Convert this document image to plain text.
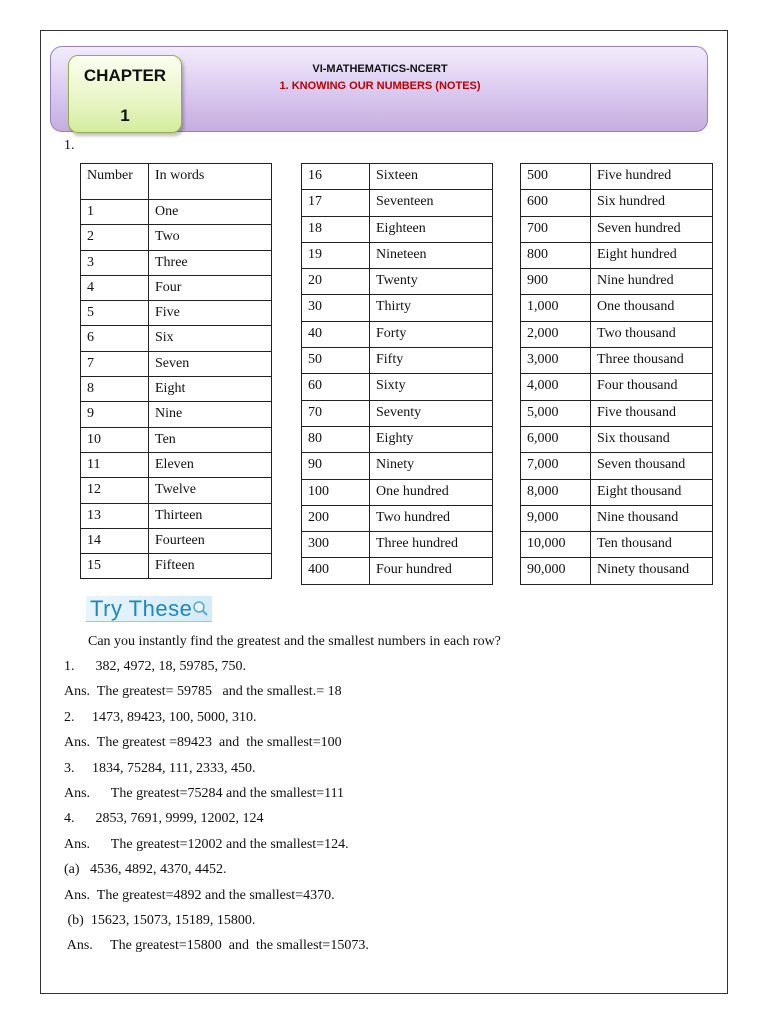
CHAPTER
1
VI-MATHEMATICS-NCERT
1. KNOWING OUR NUMBERS (NOTES)
1.
Number	In words
1	One
2	Two
3	Three
4	Four
5	Five
6	Six
7	Seven
8	Eight
9	Nine
10	Ten
11	Eleven
12	Twelve
13	Thirteen
14	Fourteen
15	Fifteen
16	Sixteen
17	Seventeen
18	Eighteen
19	Nineteen
20	Twenty
30	Thirty
40	Forty
50	Fifty
60	Sixty
70	Seventy
80	Eighty
90	Ninety
100	One hundred
200	Two hundred
300	Three hundred
400	Four hundred
500	Five hundred
600	Six hundred
700	Seven hundred
800	Eight hundred
900	Nine hundred
1,000	One thousand
2,000	Two thousand
3,000	Three thousand
4,000	Four thousand
5,000	Five thousand
6,000	Six thousand
7,000	Seven thousand
8,000	Eight thousand
9,000	Nine thousand
10,000	Ten thousand
90,000	Ninety thousand
Try These
Can you instantly find the greatest and the smallest numbers in each row?
1.      382, 4972, 18, 59785, 750.
Ans.  The greatest= 59785   and the smallest.= 18
2.     1473, 89423, 100, 5000, 310.
Ans.  The greatest =89423  and  the smallest=100
3.     1834, 75284, 111, 2333, 450.
Ans.      The greatest=75284 and the smallest=111
4.      2853, 7691, 9999, 12002, 124
Ans.      The greatest=12002 and the smallest=124.
(a)   4536, 4892, 4370, 4452.
Ans.  The greatest=4892 and the smallest=4370.
(b)  15623, 15073, 15189, 15800.
Ans.     The greatest=15800  and  the smallest=15073.
